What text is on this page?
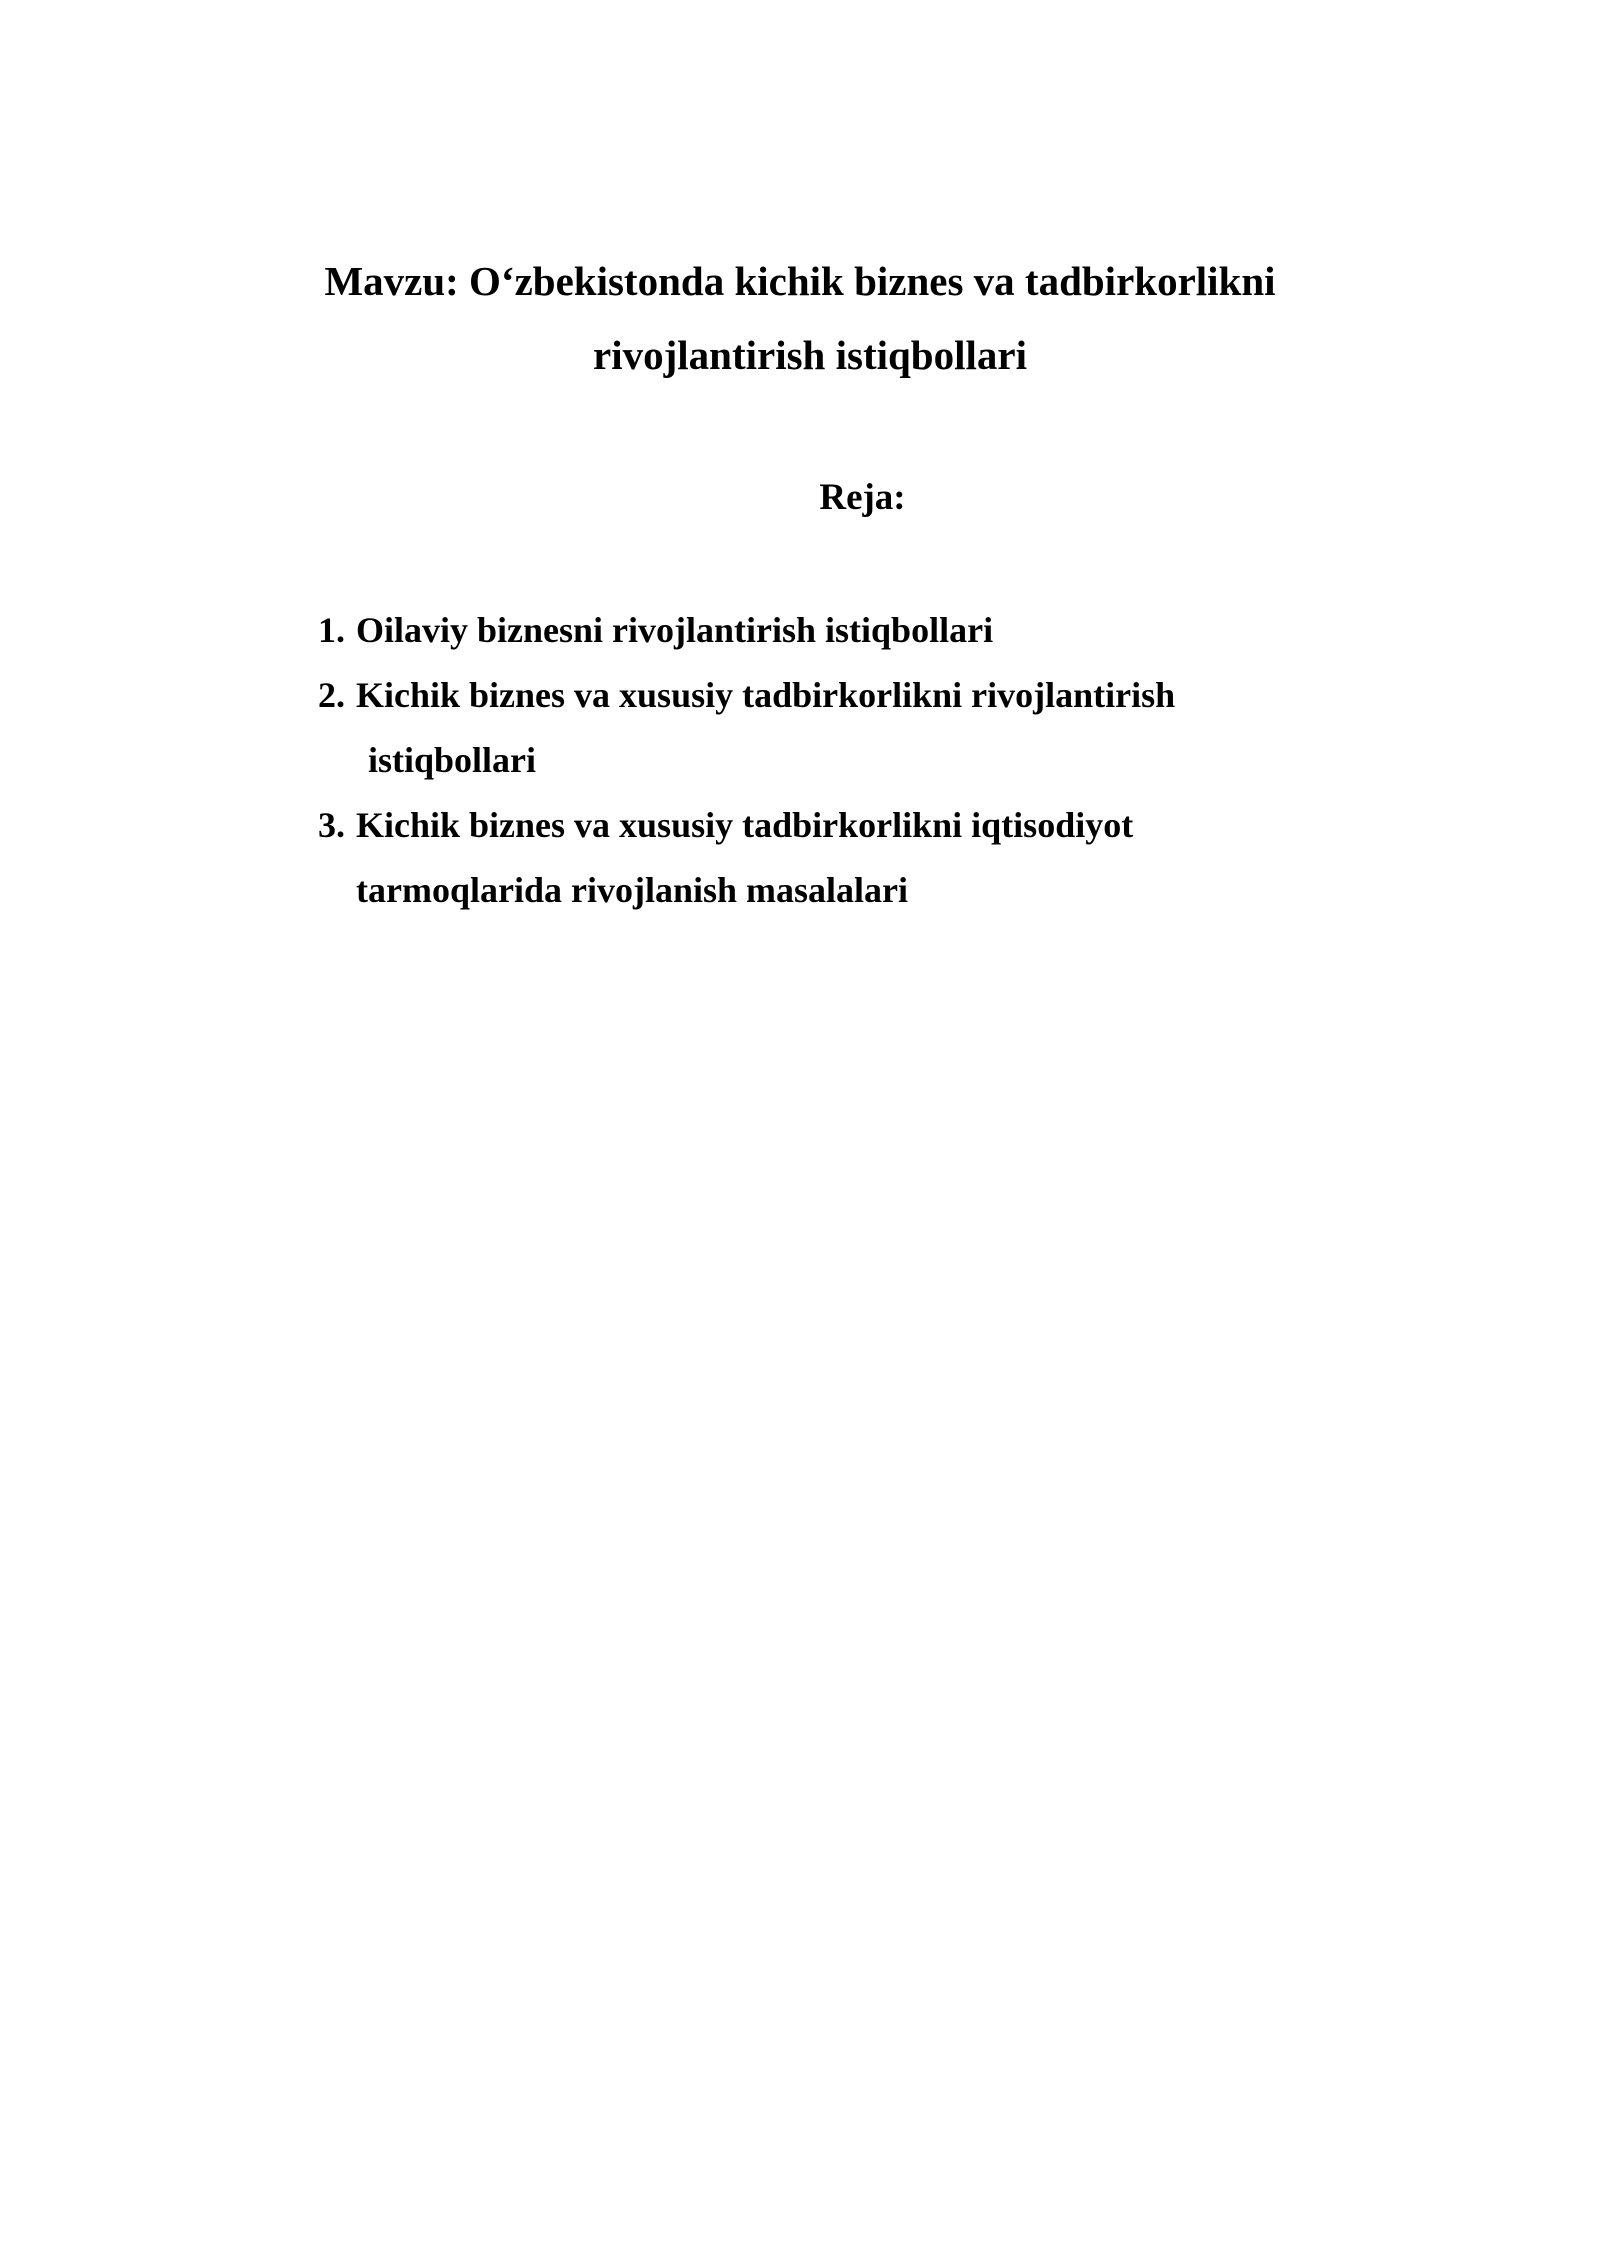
Mavzu: O‘zbekistonda kichik biznes va tadbirkorlikni
rivojlantirish istiqbollari
Reja:
1. Oilaviy biznesni rivojlantirish istiqbollari
2. Kichik biznes va xususiy tadbirkorlikni rivojlantirish
istiqbollari
3. Kichik biznes va xususiy tadbirkorlikni iqtisodiyot
tarmoqlarida rivojlanish masalalari
